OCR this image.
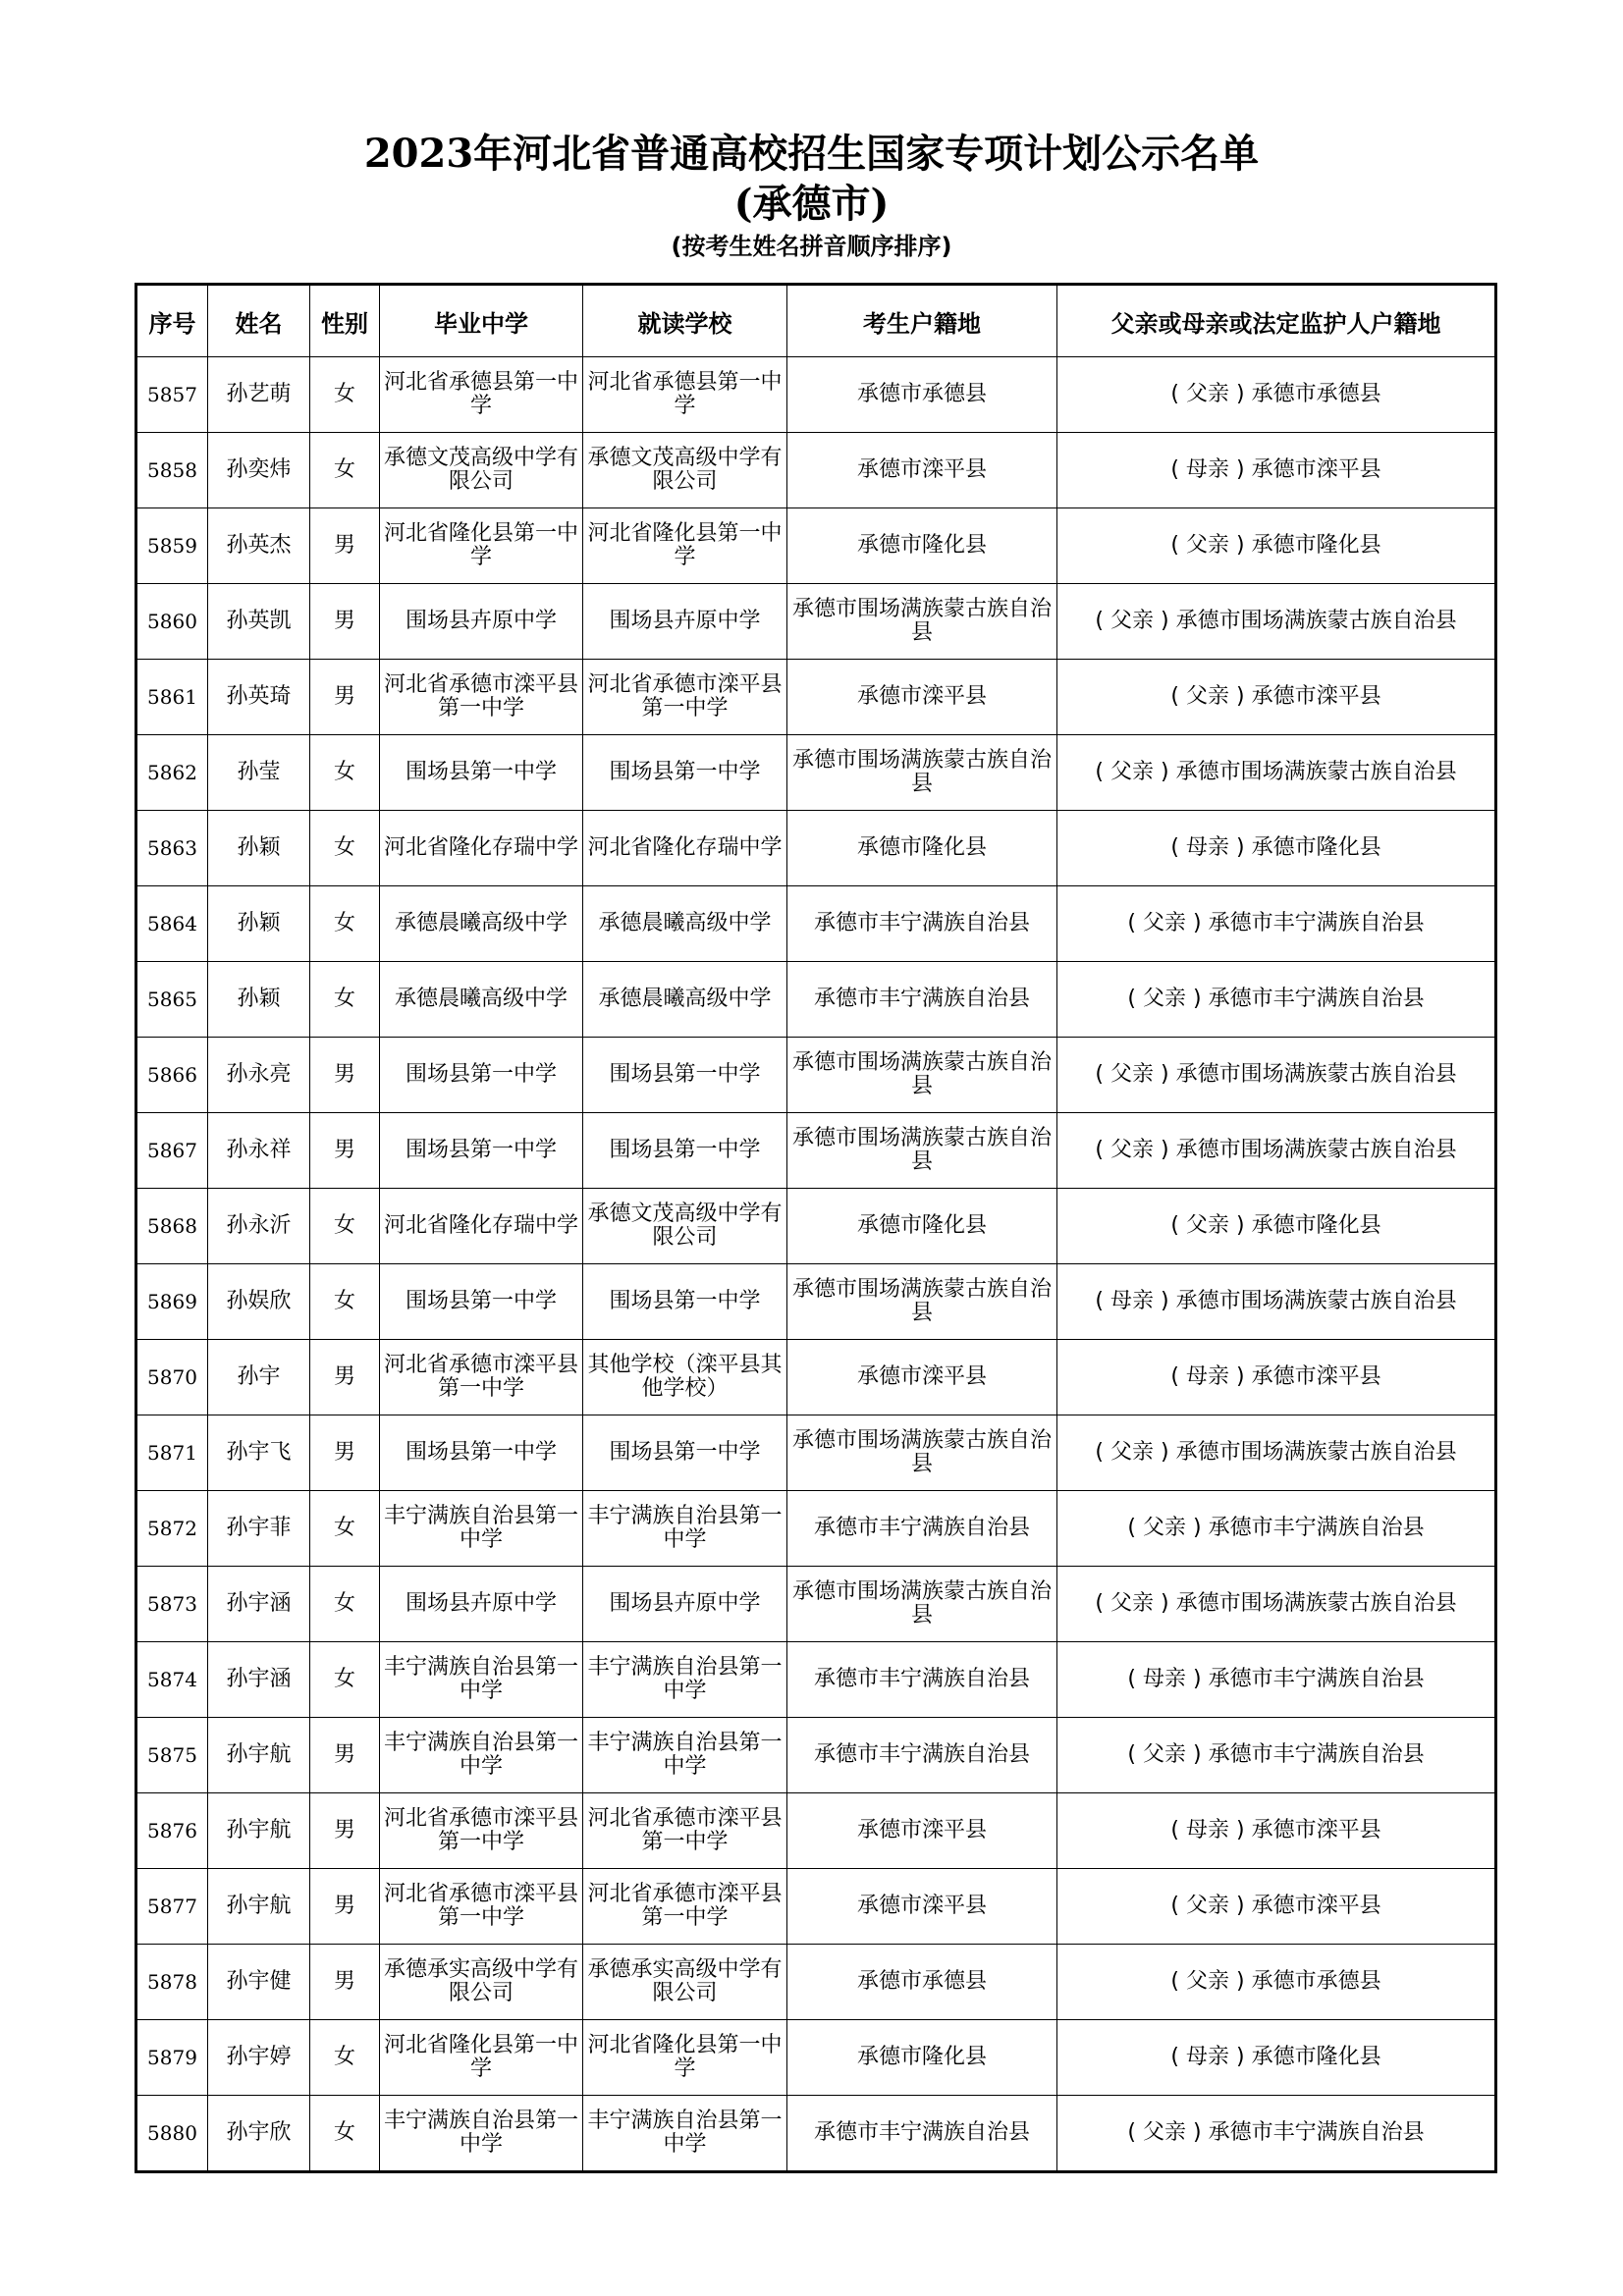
2023年河北省普通高校招生国家专项计划公示名单
(承德市)
(按考生姓名拼音顺序排序)
序号	姓名	性别	毕业中学	就读学校	考生户籍地	父亲或母亲或法定监护人户籍地
5857	孙艺萌	女	河北省承德县第一中学	河北省承德县第一中学	承德市承德县	( 父亲 ) 承德市承德县
5858	孙奕炜	女	承德文茂高级中学有限公司	承德文茂高级中学有限公司	承德市滦平县	( 母亲 ) 承德市滦平县
5859	孙英杰	男	河北省隆化县第一中学	河北省隆化县第一中学	承德市隆化县	( 父亲 ) 承德市隆化县
5860	孙英凯	男	围场县卉原中学	围场县卉原中学	承德市围场满族蒙古族自治县	( 父亲 ) 承德市围场满族蒙古族自治县
5861	孙英琦	男	河北省承德市滦平县第一中学	河北省承德市滦平县第一中学	承德市滦平县	( 父亲 ) 承德市滦平县
5862	孙莹	女	围场县第一中学	围场县第一中学	承德市围场满族蒙古族自治县	( 父亲 ) 承德市围场满族蒙古族自治县
5863	孙颖	女	河北省隆化存瑞中学	河北省隆化存瑞中学	承德市隆化县	( 母亲 ) 承德市隆化县
5864	孙颖	女	承德晨曦高级中学	承德晨曦高级中学	承德市丰宁满族自治县	( 父亲 ) 承德市丰宁满族自治县
5865	孙颖	女	承德晨曦高级中学	承德晨曦高级中学	承德市丰宁满族自治县	( 父亲 ) 承德市丰宁满族自治县
5866	孙永亮	男	围场县第一中学	围场县第一中学	承德市围场满族蒙古族自治县	( 父亲 ) 承德市围场满族蒙古族自治县
5867	孙永祥	男	围场县第一中学	围场县第一中学	承德市围场满族蒙古族自治县	( 父亲 ) 承德市围场满族蒙古族自治县
5868	孙永沂	女	河北省隆化存瑞中学	承德文茂高级中学有限公司	承德市隆化县	( 父亲 ) 承德市隆化县
5869	孙娱欣	女	围场县第一中学	围场县第一中学	承德市围场满族蒙古族自治县	( 母亲 ) 承德市围场满族蒙古族自治县
5870	孙宇	男	河北省承德市滦平县第一中学	其他学校（滦平县其他学校）	承德市滦平县	( 母亲 ) 承德市滦平县
5871	孙宇飞	男	围场县第一中学	围场县第一中学	承德市围场满族蒙古族自治县	( 父亲 ) 承德市围场满族蒙古族自治县
5872	孙宇菲	女	丰宁满族自治县第一中学	丰宁满族自治县第一中学	承德市丰宁满族自治县	( 父亲 ) 承德市丰宁满族自治县
5873	孙宇涵	女	围场县卉原中学	围场县卉原中学	承德市围场满族蒙古族自治县	( 父亲 ) 承德市围场满族蒙古族自治县
5874	孙宇涵	女	丰宁满族自治县第一中学	丰宁满族自治县第一中学	承德市丰宁满族自治县	( 母亲 ) 承德市丰宁满族自治县
5875	孙宇航	男	丰宁满族自治县第一中学	丰宁满族自治县第一中学	承德市丰宁满族自治县	( 父亲 ) 承德市丰宁满族自治县
5876	孙宇航	男	河北省承德市滦平县第一中学	河北省承德市滦平县第一中学	承德市滦平县	( 母亲 ) 承德市滦平县
5877	孙宇航	男	河北省承德市滦平县第一中学	河北省承德市滦平县第一中学	承德市滦平县	( 父亲 ) 承德市滦平县
5878	孙宇健	男	承德承实高级中学有限公司	承德承实高级中学有限公司	承德市承德县	( 父亲 ) 承德市承德县
5879	孙宇婷	女	河北省隆化县第一中学	河北省隆化县第一中学	承德市隆化县	( 母亲 ) 承德市隆化县
5880	孙宇欣	女	丰宁满族自治县第一中学	丰宁满族自治县第一中学	承德市丰宁满族自治县	( 父亲 ) 承德市丰宁满族自治县
